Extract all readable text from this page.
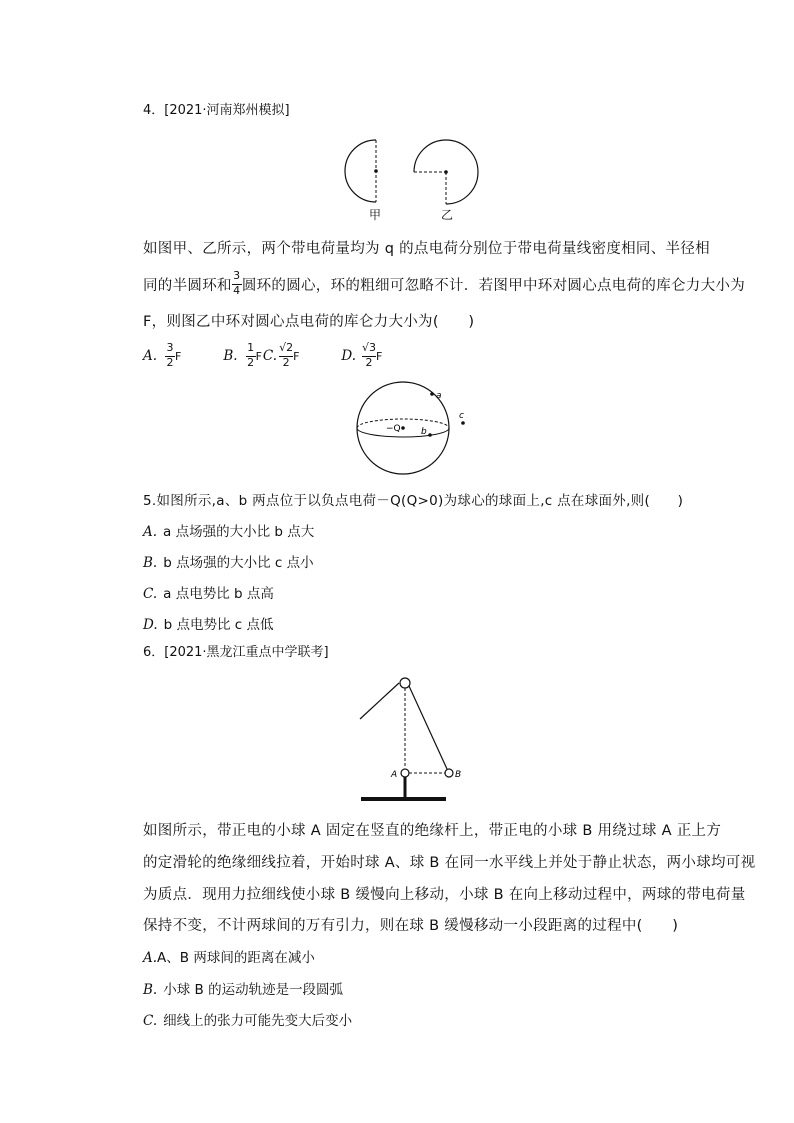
4．[2021·河南郑州模拟]
甲	乙
如图甲、乙所示，两个带电荷量均为 q 的点电荷分别位于带电荷量线密度相同、半径相
同的半圆环和 $\frac{3}{4}$ 圆环的圆心，环的粗细可忽略不计．若图甲中环对圆心点电荷的库仑力大小为
F，则图乙中环对圆心点电荷的库仑力大小为(　　)
A. $\frac{3}{2}$ F	B. $\frac{1}{2}$ F C. $\frac{√2}{2}$ F	D. $\frac{√3}{2}$ F
a
b
c
−Q
5.如图所示,a、b 两点位于以负点电荷－Q(Q>0)为球心的球面上,c 点在球面外,则(　　)
A. a 点场强的大小比 b 点大
B. b 点场强的大小比 c 点小
C. a 点电势比 b 点高
D. b 点电势比 c 点低
6．[2021·黑龙江重点中学联考]
A	B
如图所示，带正电的小球 A 固定在竖直的绝缘杆上，带正电的小球 B 用绕过球 A 正上方
的定滑轮的绝缘细线拉着，开始时球 A、球 B 在同一水平线上并处于静止状态，两小球均可视
为质点．现用力拉细线使小球 B 缓慢向上移动，小球 B 在向上移动过程中，两球的带电荷量
保持不变，不计两球间的万有引力，则在球 B 缓慢移动一小段距离的过程中(　　)
A.A、B 两球间的距离在减小
B. 小球 B 的运动轨迹是一段圆弧
C. 细线上的张力可能先变大后变小
